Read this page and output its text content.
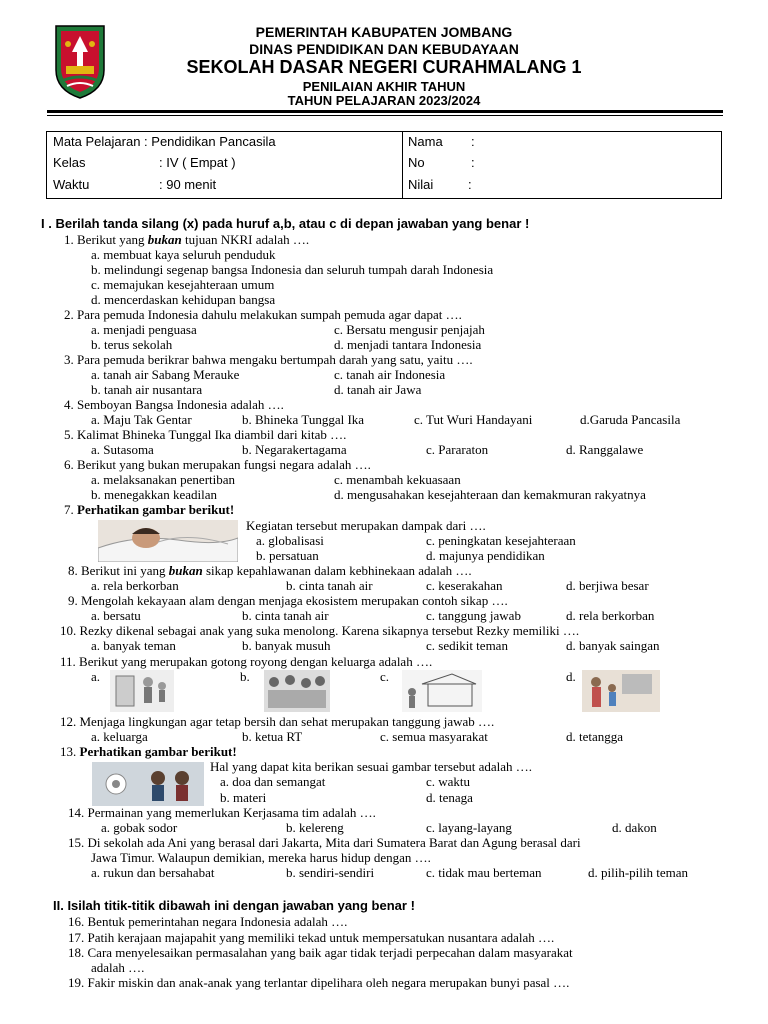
PEMERINTAH KABUPATEN JOMBANG
DINAS PENDIDIKAN DAN KEBUDAYAAN
SEKOLAH DASAR NEGERI CURAHMALANG 1
PENILAIAN AKHIR TAHUN
TAHUN PELAJARAN 2023/2024
Mata Pelajaran : Pendidikan Pancasila
Kelas	: IV ( Empat )
Waktu	: 90 menit
Nama :
No	:
Nilai	:
I . Berilah tanda silang (x) pada huruf a,b, atau c di depan jawaban yang benar !
1. Berikut yang bukan tujuan NKRI adalah ….
a. membuat kaya seluruh penduduk
b. melindungi segenap bangsa Indonesia dan seluruh tumpah darah Indonesia
c. memajukan kesejahteraan umum
d. mencerdaskan kehidupan bangsa
2. Para pemuda Indonesia dahulu melakukan sumpah pemuda agar dapat ….
a. menjadi penguasa	c. Bersatu mengusir penjajah
b. terus sekolah	d. menjadi tantara Indonesia
3. Para pemuda berikrar bahwa mengaku bertumpah darah yang satu, yaitu ….
a. tanah air Sabang Merauke	c. tanah air Indonesia
b. tanah air nusantara	d. tanah air Jawa
4. Semboyan Bangsa Indonesia adalah ….
a. Maju Tak Gentar	b. Bhineka Tunggal Ika	c. Tut Wuri Handayani	d.Garuda Pancasila
5. Kalimat Bhineka Tunggal Ika diambil dari kitab ….
a. Sutasoma	b. Negarakertagama	c. Pararaton	d. Ranggalawe
6. Berikut yang bukan merupakan fungsi negara adalah ….
a. melaksanakan penertiban	c. menambah kekuasaan
b. menegakkan keadilan	d. mengusahakan kesejahteraan dan kemakmuran rakyatnya
7. Perhatikan gambar berikut!
Kegiatan tersebut merupakan dampak dari ….
a. globalisasi	c. peningkatan kesejahteraan
b. persatuan	d. majunya pendidikan
8. Berikut ini yang bukan sikap kepahlawanan dalam kebhinekaan adalah ….
a. rela berkorban	b. cinta tanah air	c. keserakahan	d. berjiwa besar
9. Mengolah kekayaan alam dengan menjaga ekosistem merupakan contoh sikap ….
a. bersatu	b. cinta tanah air	c. tanggung jawab	d. rela berkorban
10. Rezky dikenal sebagai anak yang suka menolong. Karena sikapnya tersebut Rezky memiliki ….
a. banyak teman	b. banyak musuh	c. sedikit teman	d. banyak saingan
11. Berikut yang merupakan gotong royong dengan keluarga adalah ….
a.	b.	c.	d.
12. Menjaga lingkungan agar tetap bersih dan sehat merupakan tanggung jawab ….
a. keluarga	b. ketua RT	c. semua masyarakat	d. tetangga
13. Perhatikan gambar berikut!
Hal yang dapat kita berikan sesuai gambar tersebut adalah ….
a. doa dan semangat	c. waktu
b. materi	d. tenaga
14. Permainan yang memerlukan Kerjasama tim adalah ….
a. gobak sodor	b. kelereng	c. layang-layang	d. dakon
15. Di sekolah ada Ani yang berasal dari Jakarta, Mita dari Sumatera Barat dan Agung berasal dari
Jawa Timur. Walaupun demikian, mereka harus hidup dengan ….
a. rukun dan bersahabat	b. sendiri-sendiri	c. tidak mau berteman	d. pilih-pilih teman
II. Isilah titik-titik dibawah ini dengan jawaban yang benar !
16. Bentuk pemerintahan negara Indonesia adalah ….
17. Patih kerajaan majapahit yang memiliki tekad untuk mempersatukan nusantara adalah ….
18. Cara menyelesaikan permasalahan yang baik agar tidak terjadi perpecahan dalam masyarakat
adalah ….
19. Fakir miskin dan anak-anak yang terlantar dipelihara oleh negara merupakan bunyi pasal ….
